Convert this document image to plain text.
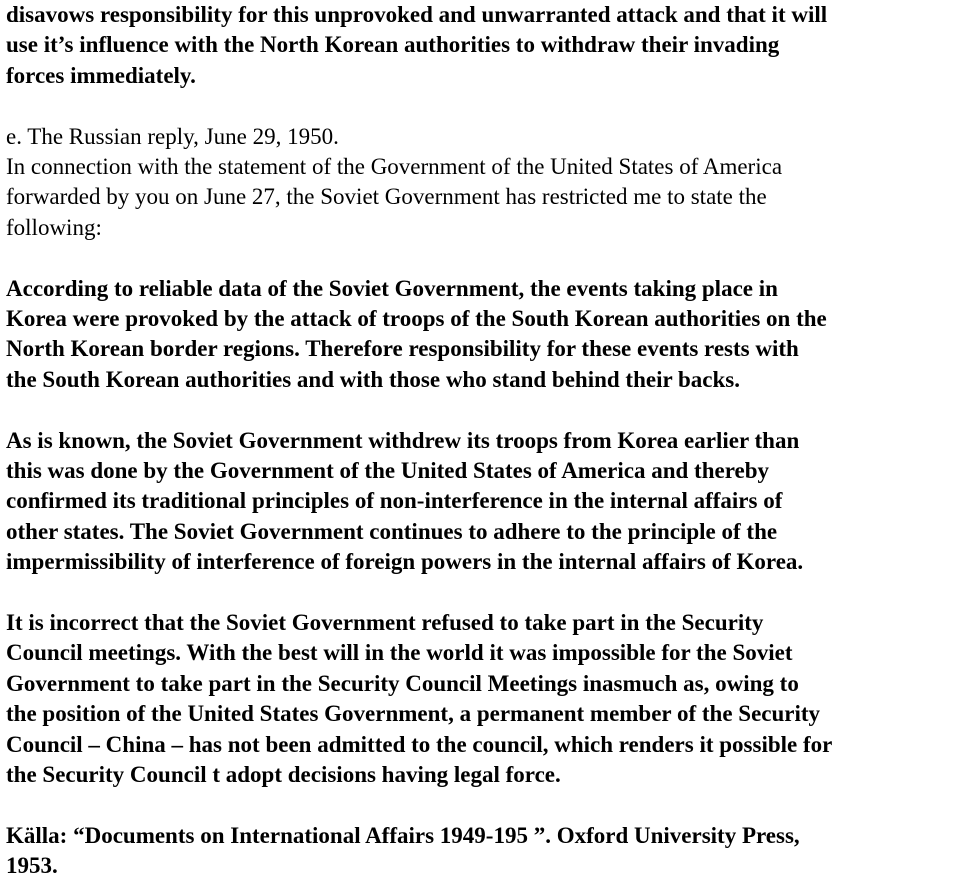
disavows responsibility for this unprovoked and unwarranted attack and that it will
use it’s influence with the North Korean authorities to withdraw their invading
forces immediately.
e. The Russian reply, June 29, 1950.
In connection with the statement of the Government of the United States of America
forwarded by you on June 27, the Soviet Government has restricted me to state the
following:
According to reliable data of the Soviet Government, the events taking place in
Korea were provoked by the attack of troops of the South Korean authorities on the
North Korean border regions. Therefore responsibility for these events rests with
the South Korean authorities and with those who stand behind their backs.
As is known, the Soviet Government withdrew its troops from Korea earlier than
this was done by the Government of the United States of America and thereby
confirmed its traditional principles of non-interference in the internal affairs of
other states. The Soviet Government continues to adhere to the principle of the
impermissibility of interference of foreign powers in the internal affairs of Korea.
It is incorrect that the Soviet Government refused to take part in the Security
Council meetings. With the best will in the world it was impossible for the Soviet
Government to take part in the Security Council Meetings inasmuch as, owing to
the position of the United States Government, a permanent member of the Security
Council – China – has not been admitted to the council, which renders it possible for
the Security Council t adopt decisions having legal force.
Källa: “Documents on International Affairs 1949-195 ”. Oxford University Press,
1953.
